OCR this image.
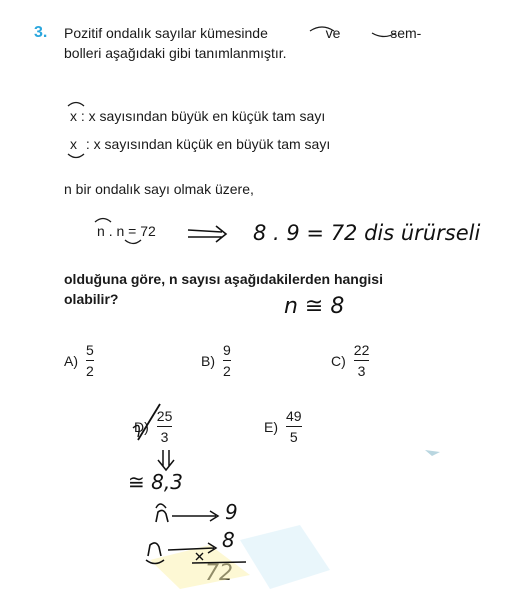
3. Pozitif ondalık sayılar kümesinde	ve	sem-
bolleri aşağıdaki gibi tanımlanmıştır.
x : x sayısından büyük en küçük tam sayı
x : x sayısından küçük en büyük tam sayı
n bir ondalık sayı olmak üzere,
n . n = 72
olduğuna göre, n sayısı aşağıdakilerden hangisi
olabilir?
$A) \frac{5}{2}$	$B) \frac{9}{2}$	$C) \frac{22}{3}$
$D) \frac{25}{3}$	$E) \frac{49}{5}$
8 . 9 = 72 dis ürürseli
n ≅ 8
≅ 8,3
9
8
